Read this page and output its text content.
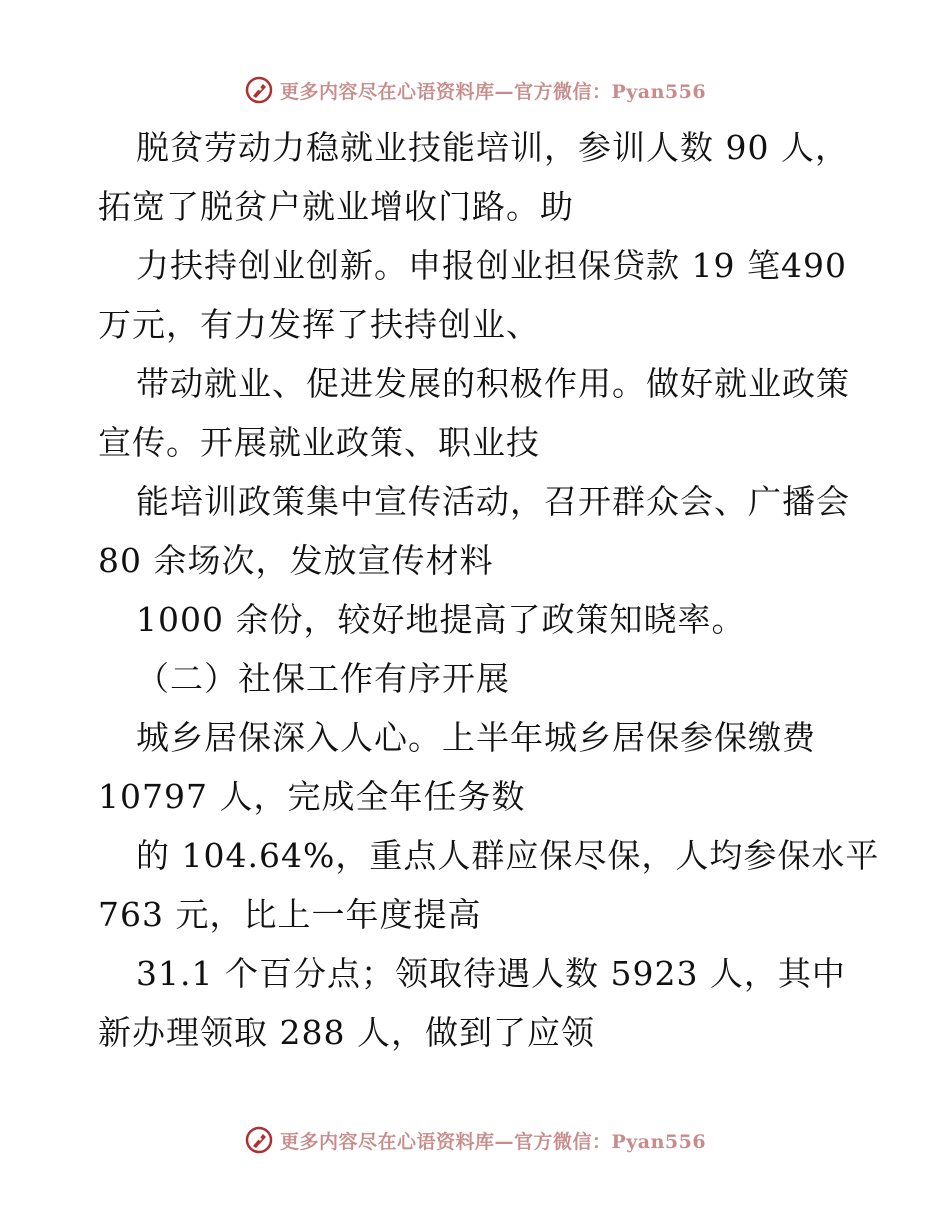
更多内容尽在心语资料库—官方微信：Pyan556
脱贫劳动力稳就业技能培训，参训人数 90 人，
拓宽了脱贫户就业增收门路。助
力扶持创业创新。申报创业担保贷款 19 笔490
万元，有力发挥了扶持创业、
带动就业、促进发展的积极作用。做好就业政策
宣传。开展就业政策、职业技
能培训政策集中宣传活动，召开群众会、广播会
80 余场次，发放宣传材料
1000 余份，较好地提高了政策知晓率。
（二）社保工作有序开展
城乡居保深入人心。上半年城乡居保参保缴费
10797 人，完成全年任务数
的 104.64%，重点人群应保尽保，人均参保水平
763 元，比上一年度提高
31.1 个百分点；领取待遇人数 5923 人，其中
新办理领取 288 人，做到了应领
更多内容尽在心语资料库—官方微信：Pyan556
